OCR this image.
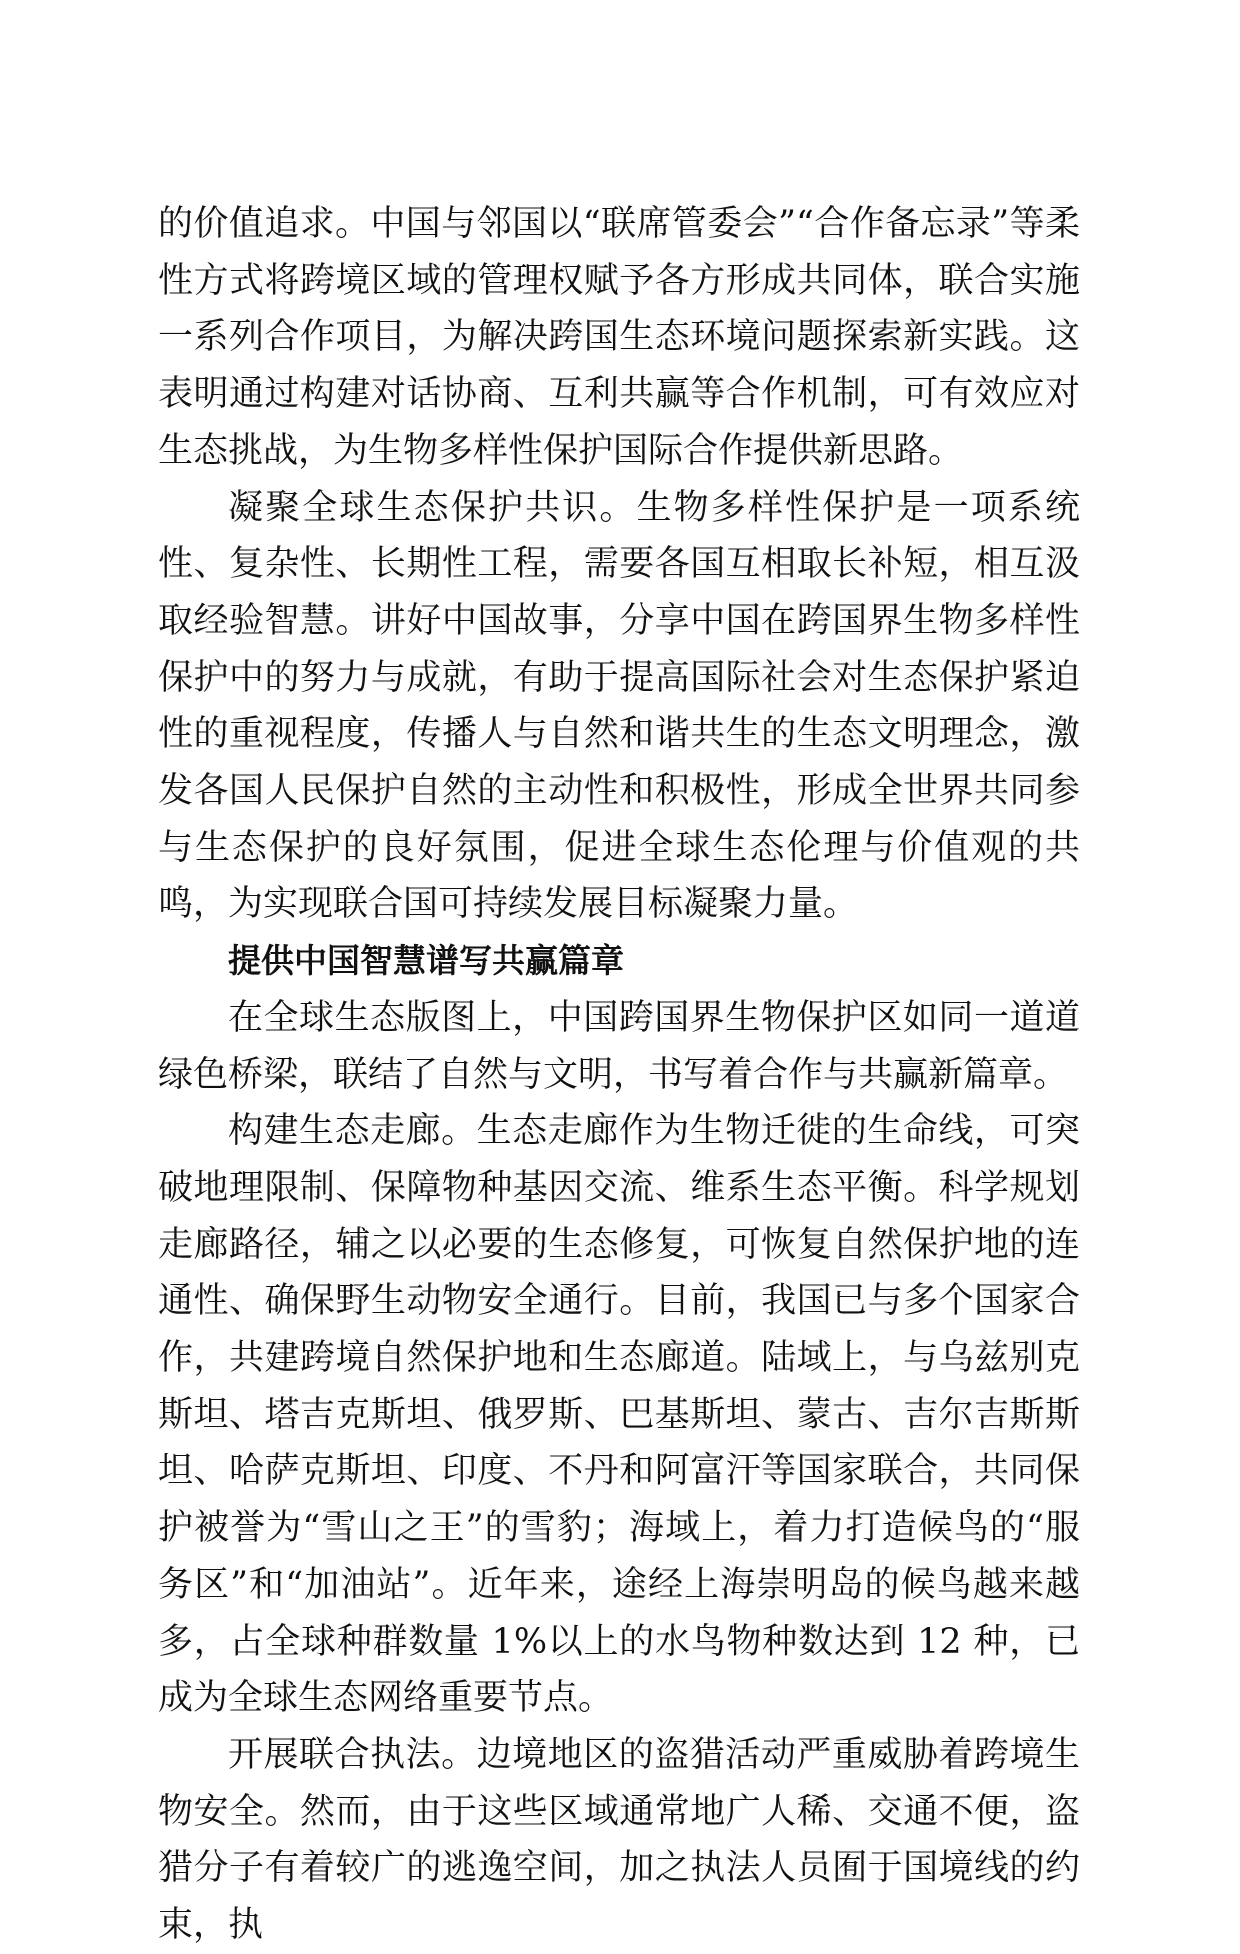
的价值追求。中国与邻国以“联席管委会”“合作备忘录”等柔性方式将跨境区域的管理权赋予各方形成共同体，联合实施一系列合作项目，为解决跨国生态环境问题探索新实践。这表明通过构建对话协商、互利共赢等合作机制，可有效应对生态挑战，为生物多样性保护国际合作提供新思路。

凝聚全球生态保护共识。生物多样性保护是一项系统性、复杂性、长期性工程，需要各国互相取长补短，相互汲取经验智慧。讲好中国故事，分享中国在跨国界生物多样性保护中的努力与成就，有助于提高国际社会对生态保护紧迫性的重视程度，传播人与自然和谐共生的生态文明理念，激发各国人民保护自然的主动性和积极性，形成全世界共同参与生态保护的良好氛围，促进全球生态伦理与价值观的共鸣，为实现联合国可持续发展目标凝聚力量。

提供中国智慧谱写共赢篇章

在全球生态版图上，中国跨国界生物保护区如同一道道绿色桥梁，联结了自然与文明，书写着合作与共赢新篇章。

构建生态走廊。生态走廊作为生物迁徙的生命线，可突破地理限制、保障物种基因交流、维系生态平衡。科学规划走廊路径，辅之以必要的生态修复，可恢复自然保护地的连通性、确保野生动物安全通行。目前，我国已与多个国家合作，共建跨境自然保护地和生态廊道。陆域上，与乌兹别克斯坦、塔吉克斯坦、俄罗斯、巴基斯坦、蒙古、吉尔吉斯斯坦、哈萨克斯坦、印度、不丹和阿富汗等国家联合，共同保护被誉为“雪山之王”的雪豹；海域上，着力打造候鸟的“服务区”和“加油站”。近年来，途经上海崇明岛的候鸟越来越多，占全球种群数量 1%以上的水鸟物种数达到 12 种，已成为全球生态网络重要节点。

开展联合执法。边境地区的盗猎活动严重威胁着跨境生物安全。然而，由于这些区域通常地广人稀、交通不便，盗猎分子有着较广的逃逸空间，加之执法人员囿于国境线的约束，执
